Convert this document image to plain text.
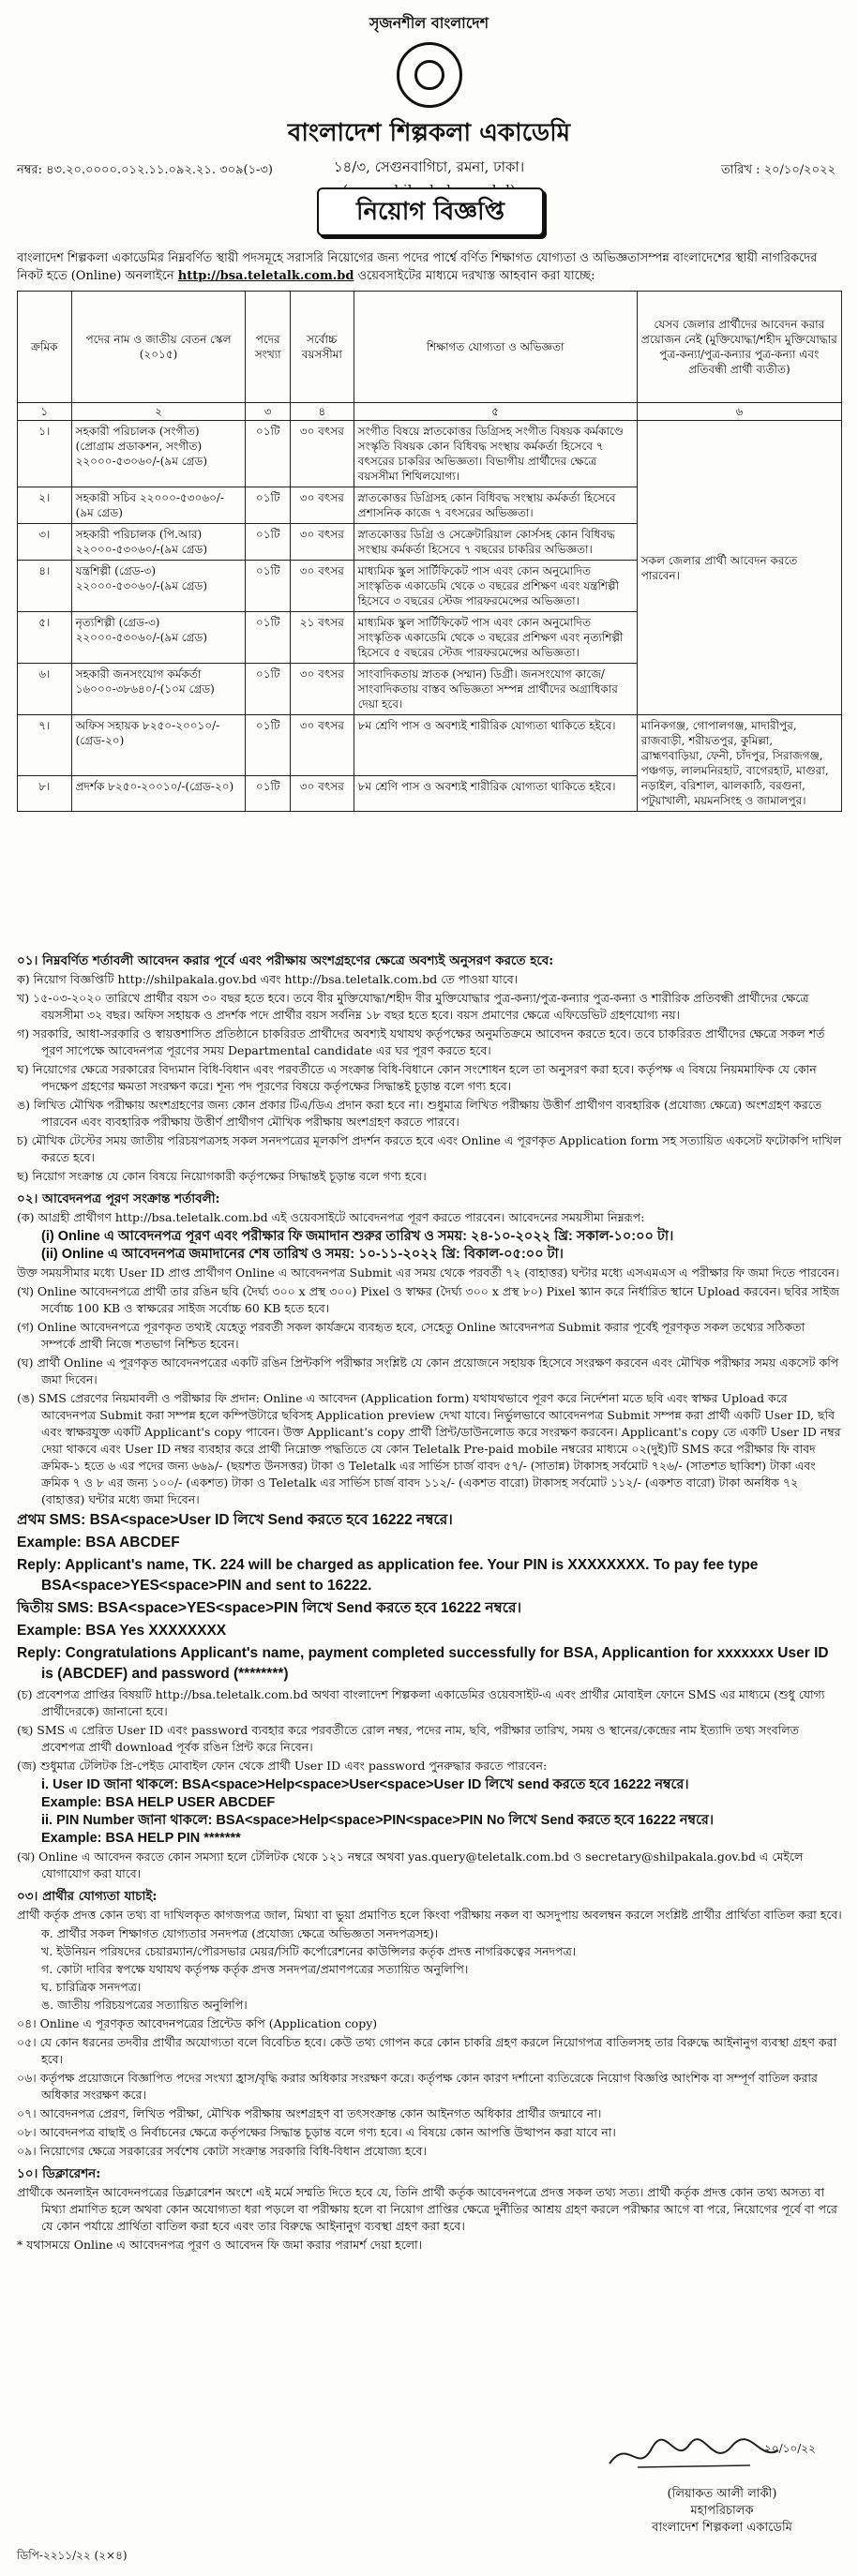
সৃজনশীল বাংলাদেশ
বাংলাদেশ শিল্পকলা একাডেমি
১৪/৩, সেগুনবাগিচা, রমনা, ঢাকা।
নম্বর: ৪৩.২০.০০০০.০১২.১১.০৯২.২১. ৩০৯(১-৩)	তারিখ : ২০/১০/২০২২
নিয়োগ বিজ্ঞপ্তি
বাংলাদেশ শিল্পকলা একাডেমির নিম্নবর্ণিত স্থায়ী পদসমূহে সরাসরি নিয়োগের জন্য পদের পার্শ্বে বর্ণিত শিক্ষাগত যোগ্যতা ও অভিজ্ঞতাসম্পন্ন বাংলাদেশের স্থায়ী নাগরিকদের নিকট হতে (Online) অনলাইনে http://bsa.teletalk.com.bd ওয়েবসাইটের মাধ্যমে দরখাস্ত আহবান করা যাচ্ছে:
ক্রমিক	পদের নাম ও জাতীয় বেতন স্কেল (২০১৫)	পদের সংখ্যা	সর্বোচ্চ বয়সসীমা	শিক্ষাগত যোগ্যতা ও অভিজ্ঞতা	যেসব জেলার প্রার্থীদের আবেদন করার প্রয়োজন নেই (মুক্তিযোদ্ধা/শহীদ মুক্তিযোদ্ধার পুত্র-কন্যা/পুত্র-কন্যার পুত্র-কন্যা এবং প্রতিবন্ধী প্রার্থী ব্যতীত)
১	২	৩	৪	৫	৬
১।	সহকারী পরিচালক (সংগীত) (প্রোগ্রাম প্রডাকশন, সংগীত) ২২০০০-৫৩০৬০/-(৯ম গ্রেড)	০১টি	৩০ বৎসর	সংগীত বিষয়ে স্নাতকোত্তর ডিগ্রিসহ সংগীত বিষয়ক কর্মকাণ্ডে সংস্কৃতি বিষয়ক কোন বিধিবদ্ধ সংস্থায় কর্মকর্তা হিসেবে ৭ বৎসরের চাকরির অভিজ্ঞতা। বিভাগীয় প্রার্থীদের ক্ষেত্রে বয়সসীমা শিথিলযোগ্য।	সকল জেলার প্রার্থী আবেদন করতে পারবেন।
২।	সহকারী সচিব ২২০০০-৫৩০৬০/-(৯ম গ্রেড)	০১টি	৩০ বৎসর	স্নাতকোত্তর ডিগ্রিসহ কোন বিধিবদ্ধ সংস্থায় কর্মকর্তা হিসেবে প্রশাসনিক কাজে ৭ বৎসরের অভিজ্ঞতা।	
৩।	সহকারী পরিচালক (পি.আর) ২২০০০-৫৩০৬০/-(৯ম গ্রেড)	০১টি	৩০ বৎসর	স্নাতকোত্তর ডিগ্রি ও সেক্রেটারিয়াল কোর্সসহ কোন বিধিবদ্ধ সংস্থায় কর্মকর্তা হিসেবে ৭ বছরের চাকরির অভিজ্ঞতা।	
৪।	যন্ত্রশিল্পী (গ্রেড-৩) ২২০০০-৫৩০৬০/-(৯ম গ্রেড)	০১টি	৩০ বৎসর	মাধ্যমিক স্কুল সার্টিফিকেট পাস এবং কোন অনুমোদিত সাংস্কৃতিক একাডেমি থেকে ৩ বছরের প্রশিক্ষণ এবং যন্ত্রশিল্পী হিসেবে ৩ বছরের স্টেজ পারফরমেন্সের অভিজ্ঞতা।	
৫।	নৃত্যশিল্পী (গ্রেড-৩) ২২০০০-৫৩০৬০/-(৯ম গ্রেড)	০১টি	২১ বৎসর	মাধ্যমিক স্কুল সার্টিফিকেট পাস এবং কোন অনুমোদিত সাংস্কৃতিক একাডেমি থেকে ৩ বছরের প্রশিক্ষণ এবং নৃত্যশিল্পী হিসেবে ৫ বছরের স্টেজ পারফরমেন্সের অভিজ্ঞতা।	
৬।	সহকারী জনসংযোগ কর্মকর্তা ১৬০০০-৩৮৬৪০/-(১০ম গ্রেড)	০১টি	৩০ বৎসর	সাংবাদিকতায় স্নাতক (সম্মান) ডিগ্রী। জনসংযোগ কাজে/ সাংবাদিকতায় বাস্তব অভিজ্ঞতা সম্পন্ন প্রার্থীদের অগ্রাধিকার দেয়া হবে।	
৭।	অফিস সহায়ক ৮২৫০-২০০১০/-(গ্রেড-২০)	০১টি	৩০ বৎসর	৮ম শ্রেণি পাস ও অবশ্যই শারীরিক যোগ্যতা থাকিতে হইবে।	মানিকগঞ্জ, গোপালগঞ্জ, মাদারীপুর, রাজবাড়ী, শরীয়তপুর, কুমিল্লা, ব্রাহ্মণবাড়িয়া, ফেনী, চাঁদপুর, সিরাজগঞ্জ, পঞ্চগড়, লালমনিরহাট, বাগেরহাট, মাগুরা, নড়াইল, বরিশাল, ঝালকাঠি, বরগুনা, পটুয়াখালী, ময়মনসিংহ ও জামালপুর।
৮।	প্রদর্শক ৮২৫০-২০০১০/-(গ্রেড-২০)	০১টি	৩০ বৎসর	৮ম শ্রেণি পাস ও অবশ্যই শারীরিক যোগ্যতা থাকিতে হইবে।	
০১। নিম্নবর্ণিত শর্তাবলী আবেদন করার পূর্বে এবং পরীক্ষায় অংশগ্রহণের ক্ষেত্রে অবশ্যই অনুসরণ করতে হবে:
ক) নিয়োগ বিজ্ঞপ্তিটি http://shilpakala.gov.bd এবং http://bsa.teletalk.com.bd তে পাওয়া যাবে।
খ) ১৫-০৩-২০২০ তারিখে প্রার্থীর বয়স ৩০ বছর হতে হবে। তবে বীর মুক্তিযোদ্ধা/শহীদ বীর মুক্তিযোদ্ধার পুত্র-কন্যা/পুত্র-কন্যার পুত্র-কন্যা ও শারীরিক প্রতিবন্ধী প্রার্থীদের ক্ষেত্রে বয়সসীমা ৩২ বছর। অফিস সহায়ক ও প্রদর্শক পদে প্রার্থীর বয়স সর্বনিম্ন ১৮ বছর হতে হবে। বয়স প্রমাণের ক্ষেত্রে এফিডেভিট গ্রহণযোগ্য নয়।
গ) সরকারি, আধা-সরকারি ও স্বায়ত্তশাসিত প্রতিষ্ঠানে চাকরিরত প্রার্থীদের অবশ্যই যথাযথ কর্তৃপক্ষের অনুমতিক্রমে আবেদন করতে হবে। তবে চাকরিরত প্রার্থীদের ক্ষেত্রে সকল শর্ত পূরণ সাপেক্ষে আবেদনপত্র পূরণের সময় Departmental candidate এর ঘর পূরণ করতে হবে।
ঘ) নিয়োগের ক্ষেত্রে সরকারের বিদ্যমান বিধি-বিধান এবং পরবর্তীতে এ সংক্রান্ত বিধি-বিধানে কোন সংশোধন হলে তা অনুসরণ করা হবে। কর্তৃপক্ষ এ বিষয়ে নিয়মমাফিক যে কোন পদক্ষেপ গ্রহণের ক্ষমতা সংরক্ষণ করে। শূন্য পদ পূরণের বিষয়ে কর্তৃপক্ষের সিদ্ধান্তই চূড়ান্ত বলে গণ্য হবে।
ঙ) লিখিত মৌখিক পরীক্ষায় অংশগ্রহণের জন্য কোন প্রকার টিএ/ডিএ প্রদান করা হবে না। শুধুমাত্র লিখিত পরীক্ষায় উত্তীর্ণ প্রার্থীগণ ব্যবহারিক (প্রযোজ্য ক্ষেত্রে) অংশগ্রহণ করতে পারবেন এবং ব্যবহারিক পরীক্ষায় উত্তীর্ণ প্রার্থীগণ মৌখিক পরীক্ষায় অংশগ্রহণ করতে পারবে।
চ) মৌখিক টেস্টের সময় জাতীয় পরিচয়পত্রসহ সকল সনদপত্রের মূলকপি প্রদর্শন করতে হবে এবং Online এ পূরণকৃত Application form সহ সত্যায়িত একসেট ফটোকপি দাখিল করতে হবে।
ছ) নিয়োগ সংক্রান্ত যে কোন বিষয়ে নিয়োগকারী কর্তৃপক্ষের সিদ্ধান্তই চূড়ান্ত বলে গণ্য হবে।
০২। আবেদনপত্র পূরণ সংক্রান্ত শর্তাবলী:
(ক) আগ্রহী প্রার্থীগণ http://bsa.teletalk.com.bd এই ওয়েবসাইটে আবেদনপত্র পূরণ করতে পারবেন। আবেদনের সময়সীমা নিম্নরূপ:
(i) Online এ আবেদনপত্র পূরণ এবং পরীক্ষার ফি জমাদান শুরুর তারিখ ও সময়: ২৪-১০-২০২২ খ্রি: সকাল-১০:০০ টা।
(ii) Online এ আবেদনপত্র জমাদানের শেষ তারিখ ও সময়: ১০-১১-২০২২ খ্রি: বিকাল-০৫:০০ টা।
উক্ত সময়সীমার মধ্যে User ID প্রাপ্ত প্রার্থীগণ Online এ আবেদনপত্র Submit এর সময় থেকে পরবর্তী ৭২ (বাহাত্তর) ঘন্টার মধ্যে এসএমএস এ পরীক্ষার ফি জমা দিতে পারবেন।
(খ) Online আবেদনপত্রে প্রার্থী তার রঙিন ছবি (দৈর্ঘ্য ৩০০ x প্রস্থ ৩০০) Pixel ও স্বাক্ষর (দৈর্ঘ্য ৩০০ x প্রস্থ ৮০) Pixel স্ক্যান করে নির্ধারিত স্থানে Upload করবেন। ছবির সাইজ সর্বোচ্চ 100 KB ও স্বাক্ষরের সাইজ সর্বোচ্চ 60 KB হতে হবে।
(গ) Online আবেদনপত্রে পূরণকৃত তথ্যই যেহেতু পরবর্তী সকল কার্যক্রমে ব্যবহৃত হবে, সেহেতু Online আবেদনপত্র Submit করার পূর্বেই পূরণকৃত সকল তথ্যের সঠিকতা সম্পর্কে প্রার্থী নিজে শতভাগ নিশ্চিত হবেন।
(ঘ) প্রার্থী Online এ পূরণকৃত আবেদনপত্রের একটি রঙিন প্রিন্টকপি পরীক্ষার সংশ্লিষ্ট যে কোন প্রয়োজনে সহায়ক হিসেবে সংরক্ষণ করবেন এবং মৌখিক পরীক্ষার সময় একসেট কপি জমা দিবেন।
(ঙ) SMS প্রেরণের নিয়মাবলী ও পরীক্ষার ফি প্রদান: Online এ আবেদন (Application form) যথাযথভাবে পূরণ করে নির্দেশনা মতে ছবি এবং স্বাক্ষর Upload করে আবেদনপত্র Submit করা সম্পন্ন হলে কম্পিউটারে ছবিসহ Application preview দেখা যাবে। নির্ভুলভাবে আবেদনপত্র Submit সম্পন্ন করা প্রার্থী একটি User ID, ছবি এবং স্বাক্ষরযুক্ত একটি Applicant's copy পাবেন। উক্ত Applicant's copy প্রার্থী প্রিন্ট/ডাউনলোড করে সংরক্ষণ করবেন। Applicant's copy তে একটি User ID নম্বর দেয়া থাকবে এবং User ID নম্বর ব্যবহার করে প্রার্থী নিম্নোক্ত পদ্ধতিতে যে কোন Teletalk Pre-paid mobile নম্বরের মাধ্যমে ০২(দুই)টি SMS করে পরীক্ষার ফি বাবদ ক্রমিক-১ হতে ৬ এর পদের জন্য ৬৬৯/- (ছয়শত উনসত্তর) টাকা ও Teletalk এর সার্ভিস চার্জ বাবদ ৫৭/- (সাতান্ন) টাকাসহ সর্বমোট ৭২৬/- (সাতশত ছাব্বিশ) টাকা এবং ক্রমিক ৭ ও ৮ এর জন্য ১০০/- (একশত) টাকা ও Teletalk এর সার্ভিস চার্জ বাবদ ১১২/- (একশত বারো) টাকাসহ সর্বমোট ১১২/- (একশত বারো) টাকা অনধিক ৭২ (বাহাত্তর) ঘন্টার মধ্যে জমা দিবেন।
প্রথম SMS: BSA<space>User ID লিখে Send করতে হবে 16222 নম্বরে।
Example: BSA ABCDEF
Reply: Applicant's name, TK. 224 will be charged as application fee. Your PIN is XXXXXXXX. To pay fee type BSA<space>YES<space>PIN and sent to 16222.
দ্বিতীয় SMS: BSA<space>YES<space>PIN লিখে Send করতে হবে 16222 নম্বরে।
Example: BSA Yes XXXXXXXX
Reply: Congratulations Applicant's name, payment completed successfully for BSA, Applicantion for xxxxxxx User ID is (ABCDEF) and password (********)
(চ) প্রবেশপত্র প্রাপ্তির বিষয়টি http://bsa.teletalk.com.bd অথবা বাংলাদেশ শিল্পকলা একাডেমির ওয়েবসাইট-এ এবং প্রার্থীর মোবাইল ফোনে SMS এর মাধ্যমে (শুধু যোগ্য প্রার্থীদেরকে) জানানো হবে।
(ছ) SMS এ প্রেরিত User ID এবং password ব্যবহার করে পরবর্তীতে রোল নম্বর, পদের নাম, ছবি, পরীক্ষার তারিখ, সময় ও স্থানের/কেন্দ্রের নাম ইত্যাদি তথ্য সংবলিত প্রবেশপত্র প্রার্থী download পূর্বক রঙিন প্রিন্ট করে নিবেন।
(জ) শুধুমাত্র টেলিটক প্রি-পেইড মোবাইল ফোন থেকে প্রার্থী User ID এবং password পুনরুদ্ধার করতে পারবেন:
i. User ID জানা থাকলে: BSA<space>Help<space>User<space>User ID লিখে send করতে হবে 16222 নম্বরে।
Example: BSA HELP USER ABCDEF
ii. PIN Number জানা থাকলে: BSA<space>Help<space>PIN<space>PIN No লিখে Send করতে হবে 16222 নম্বরে।
Example: BSA HELP PIN *******
(ঝ) Online এ আবেদন করতে কোন সমস্যা হলে টেলিটক থেকে ১২১ নম্বরে অথবা yas.query@teletalk.com.bd ও secretary@shilpakala.gov.bd এ মেইলে যোগাযোগ করা যাবে।
০৩। প্রার্থীর যোগ্যতা যাচাই:
প্রার্থী কর্তৃক প্রদত্ত কোন তথ্য বা দাখিলকৃত কাগজপত্র জাল, মিথ্যা বা ভুয়া প্রমাণিত হলে কিংবা পরীক্ষায় নকল বা অসদুপায় অবলম্বন করলে সংশ্লিষ্ট প্রার্থীর প্রার্থিতা বাতিল করা হবে।
ক. প্রার্থীর সকল শিক্ষাগত যোগ্যতার সনদপত্র (প্রযোজ্য ক্ষেত্রে অভিজ্ঞতা সনদপত্রসহ)।
খ. ইউনিয়ন পরিষদের চেয়ারম্যান/পৌরসভার মেয়র/সিটি কর্পোরেশনের কাউন্সিলর কর্তৃক প্রদত্ত নাগরিকত্বের সনদপত্র।
গ. কোটা দাবির স্বপক্ষে যথাযথ কর্তৃপক্ষ কর্তৃক প্রদত্ত সনদপত্র/প্রমাণপত্রের সত্যায়িত অনুলিপি।
ঘ. চারিত্রিক সনদপত্র।
ঙ. জাতীয় পরিচয়পত্রের সত্যায়িত অনুলিপি।
০৪। Online এ পূরণকৃত আবেদনপত্রের প্রিন্টেড কপি (Application copy)
০৫। যে কোন ধরনের তদবীর প্রার্থীর অযোগ্যতা বলে বিবেচিত হবে। কেউ তথ্য গোপন করে কোন চাকরি গ্রহণ করলে নিয়োগপত্র বাতিলসহ তার বিরুদ্ধে আইনানুগ ব্যবস্থা গ্রহণ করা হবে।
০৬। কর্তৃপক্ষ প্রয়োজনে বিজ্ঞাপিত পদের সংখ্যা হ্রাস/বৃদ্ধি করার অধিকার সংরক্ষণ করে। কর্তৃপক্ষ কোন কারণ দর্শানো ব্যতিরেকে নিয়োগ বিজ্ঞপ্তি আংশিক বা সম্পূর্ণ বাতিল করার অধিকার সংরক্ষণ করে।
০৭। আবেদনপত্র প্রেরণ, লিখিত পরীক্ষা, মৌখিক পরীক্ষায় অংশগ্রহণ বা তৎসংক্রান্ত কোন আইনগত অধিকার প্রার্থীর জন্মাবে না।
০৮। আবেদনপত্র বাছাই ও নির্বাচনের ক্ষেত্রে কর্তৃপক্ষের সিদ্ধান্ত চূড়ান্ত বলে গণ্য হবে। এ বিষয়ে কোন আপত্তি উত্থাপন করা যাবে না।
০৯। নিয়োগের ক্ষেত্রে সরকারের সর্বশেষ কোটা সংক্রান্ত সরকারি বিধি-বিধান প্রযোজ্য হবে।
১০। ডিক্লারেশন:
প্রার্থীকে অনলাইন আবেদনপত্রের ডিক্লারেশন অংশে এই মর্মে সম্মতি দিতে হবে যে, তিনি প্রার্থী কর্তৃক আবেদনপত্রে প্রদত্ত সকল তথ্য সত্য। প্রার্থী কর্তৃক প্রদত্ত কোন তথ্য অসত্য বা মিথ্যা প্রমাণিত হলে অথবা কোন অযোগ্যতা ধরা পড়লে বা পরীক্ষায় হলে বা নিয়োগ প্রাপ্তির ক্ষেত্রে দুর্নীতির আশ্রয় গ্রহণ করলে পরীক্ষার আগে বা পরে, নিয়োগের পূর্বে বা পরে যে কোন পর্যায়ে প্রার্থিতা বাতিল করা হবে এবং তার বিরুদ্ধে আইনানুগ ব্যবস্থা গ্রহণ করা হবে।
* যথাসময়ে Online এ আবেদনপত্র পূরণ ও আবেদন ফি জমা করার পরামর্শ দেয়া হলো।
২০/১০/২২
(লিয়াকত আলী লাকী)
মহাপরিচালক
বাংলাদেশ শিল্পকলা একাডেমি
ডিপি-২২১১/২২ (২×৪)
